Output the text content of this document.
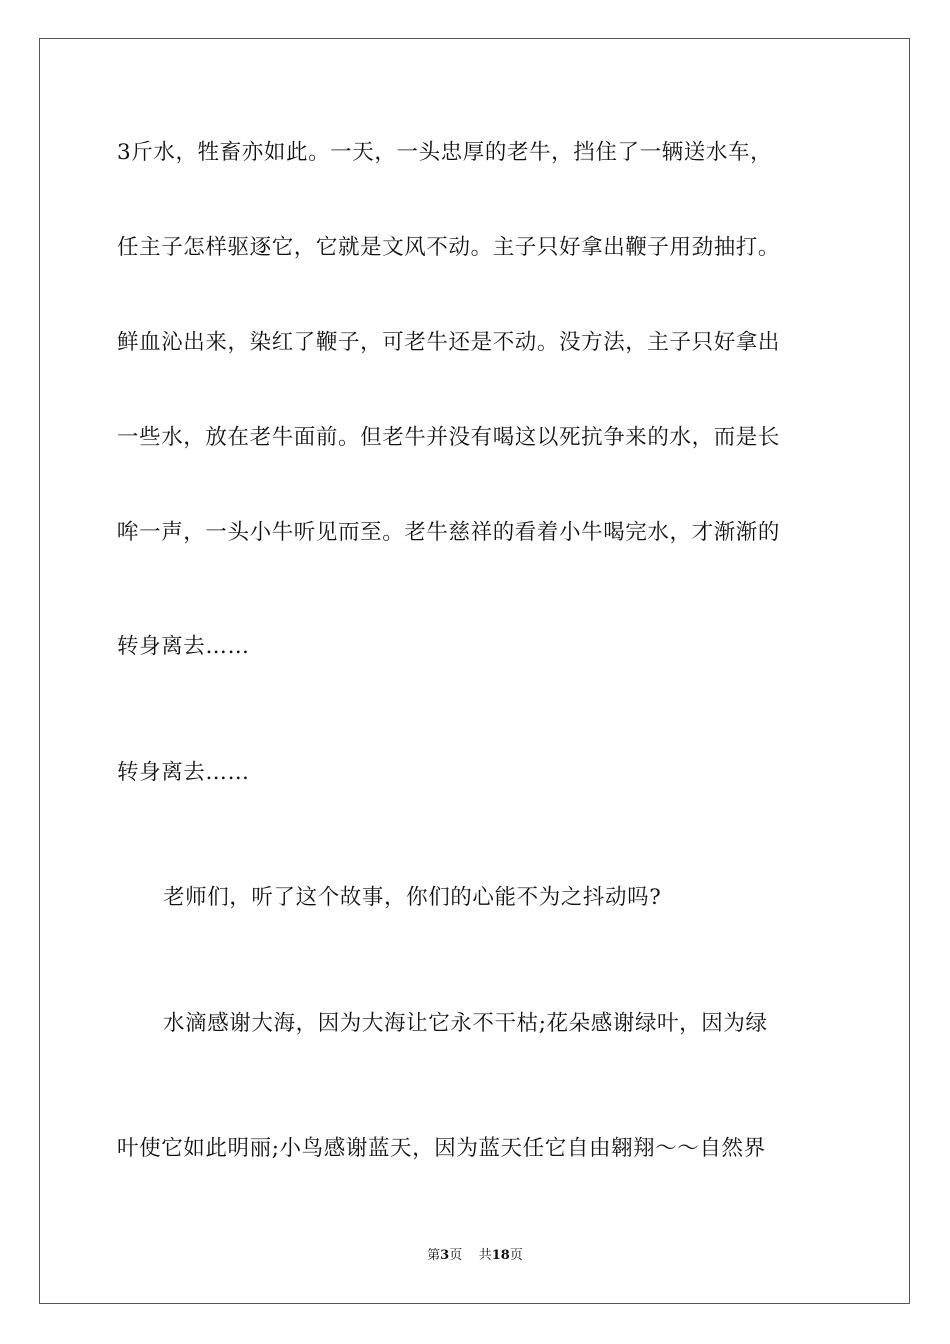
3斤水，牲畜亦如此。一天，一头忠厚的老牛，挡住了一辆送水车，
任主子怎样驱逐它，它就是文风不动。主子只好拿出鞭子用劲抽打。
鲜血沁出来，染红了鞭子，可老牛还是不动。没方法，主子只好拿出
一些水，放在老牛面前。但老牛并没有喝这以死抗争来的水，而是长
哞一声，一头小牛听见而至。老牛慈祥的看着小牛喝完水，才渐渐的
转身离去……
转身离去……
老师们，听了这个故事，你们的心能不为之抖动吗?
水滴感谢大海，因为大海让它永不干枯;花朵感谢绿叶，因为绿
叶使它如此明丽;小鸟感谢蓝天，因为蓝天任它自由翱翔～～自然界
第3页 共18页
